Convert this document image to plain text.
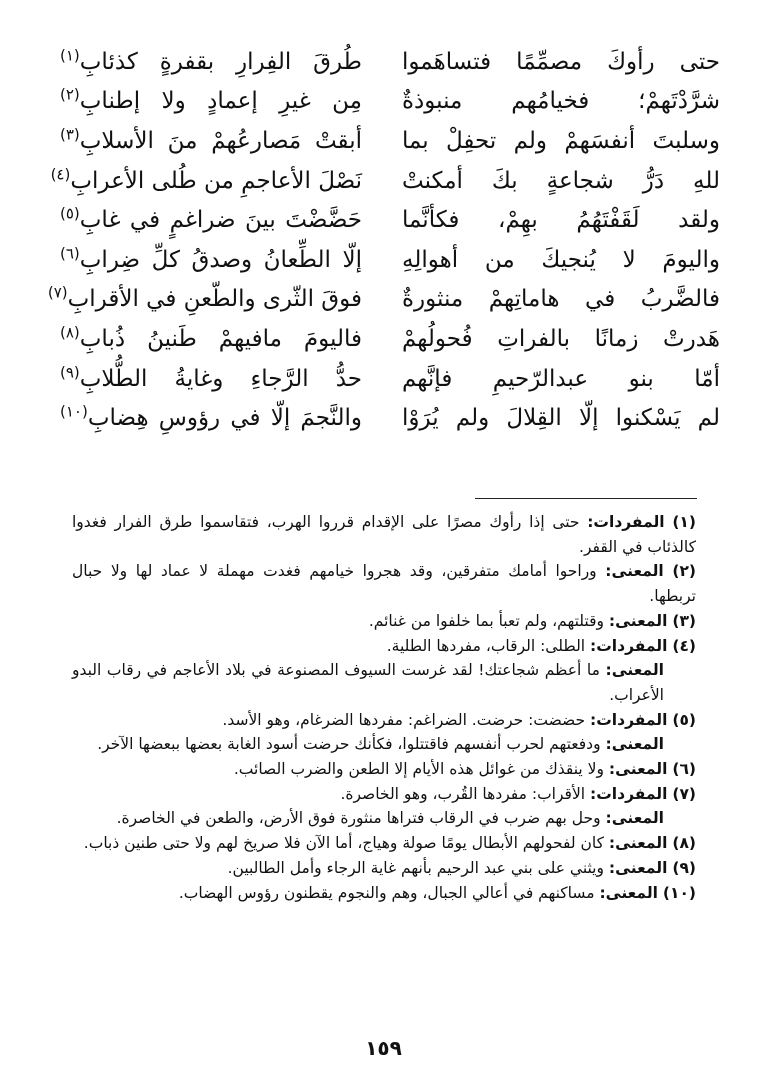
حتى رأوكَ مصمِّمًا فتساهَموا
طُرقَ الفِرارِ بقفرةٍ كذئابِ$^{(١)}$
شرَّدْتَهمْ؛ فخيامُهم منبوذةٌ
مِن غيرِ إعمادٍ ولا إطنابِ$^{(٢)}$
وسلبتَ أنفسَهمْ ولم تحفِلْ بما
أبقتْ مَصارعُهمْ منَ الأسلابِ$^{(٣)}$
للهِ دَرُّ شجاعةٍ بكَ أمكنتْ
نَصْلَ الأعاجمِ من طُلى الأعرابِ$^{(٤)}$
ولقد لَقَفْتَهُمُ بهِمْ، فكأنَّما
حَضَّضْتَ بينَ ضراغمٍ في غابِ$^{(٥)}$
واليومَ لا يُنجيكَ من أهوالِهِ
إلّا الطِّعانُ وصدقُ كلِّ ضِرابِ$^{(٦)}$
فالضَّربُ في هاماتِهمْ منثورةٌ
فوقَ الثّرى والطّعنِ في الأقرابِ$^{(٧)}$
هَدرتْ زمانًا بالفراتِ فُحولُهمْ
فاليومَ مافيهمْ طَنينُ ذُبابِ$^{(٨)}$
أمّا بنو عبدالرّحيمِ فإنَّهم
حدُّ الرَّجاءِ وغايةُ الطُّلابِ$^{(٩)}$
لم يَسْكنوا إلّا القِلالَ ولم يُرَوْا
والنَّجمَ إلّا في رؤوسِ هِضابِ$^{(١٠)}$
(١) المفردات: حتى إذا رأوك مصرًا على الإقدام قرروا الهرب، فتقاسموا طرق الفرار فغدوا كالذئاب في القفر.
(٢) المعنى: وراحوا أمامك متفرقين، وقد هجروا خيامهم فغدت مهملة لا عماد لها ولا حبال تربطها.
(٣) المعنى: وقتلتهم، ولم تعبأ بما خلفوا من غنائم.
(٤) المفردات: الطلى: الرقاب، مفردها الطلية.
المعنى: ما أعظم شجاعتك! لقد غرست السيوف المصنوعة في بلاد الأعاجم في رقاب البدو الأعراب.
(٥) المفردات: حضضت: حرضت. الضراغم: مفردها الضرغام، وهو الأسد.
المعنى: ودفعتهم لحرب أنفسهم فاقتتلوا، فكأنك حرضت أسود الغابة بعضها ببعضها الآخر.
(٦) المعنى: ولا ينقذك من غوائل هذه الأيام إلا الطعن والضرب الصائب.
(٧) المفردات: الأقراب: مفردها القُرب، وهو الخاصرة.
المعنى: وحل بهم ضرب في الرقاب فتراها منثورة فوق الأرض، والطعن في الخاصرة.
(٨) المعنى: كان لفحولهم الأبطال يومًا صولة وهياج، أما الآن فلا صريخ لهم ولا حتى طنين ذباب.
(٩) المعنى: ويثني على بني عبد الرحيم بأنهم غاية الرجاء وأمل الطالبين.
(١٠) المعنى: مساكنهم في أعالي الجبال، وهم والنجوم يقطنون رؤوس الهضاب.
١٥٩
